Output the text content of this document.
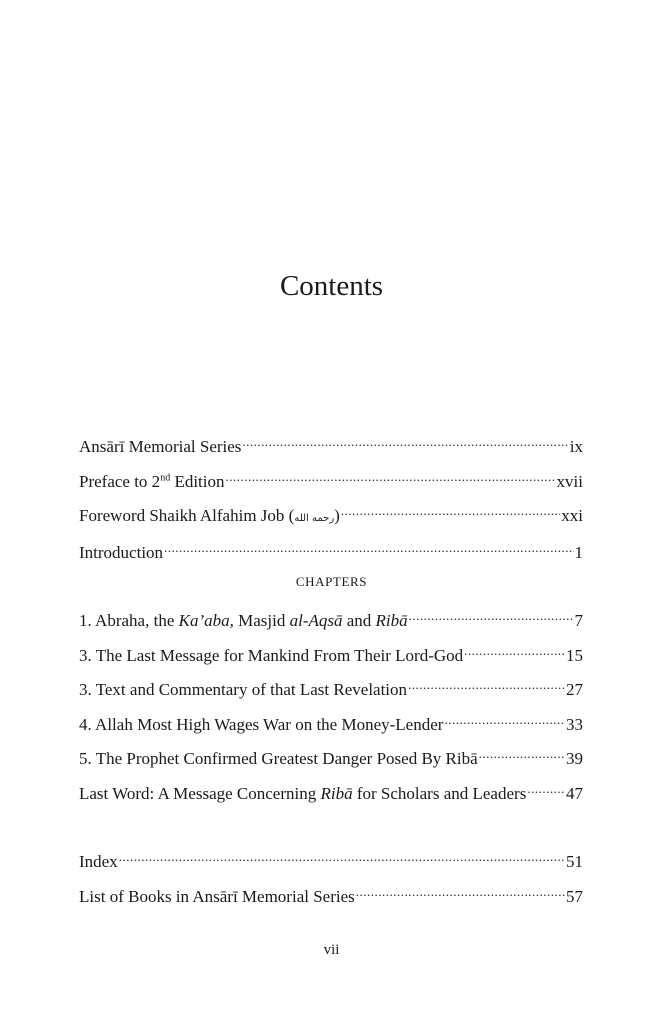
Contents
Ansārī Memorial Series .....	ix
Preface to 2nd Edition .....	xvii
Foreword Shaikh Alfahim Job (رحمه الله) .....	xxi
Introduction .....	1
1. Abraha, the Ka’aba, Masjid al-Aqsā and Ribā .....	7
3. The Last Message for Mankind From Their Lord-God .....	15
3. Text and Commentary of that Last Revelation .....	27
4. Allah Most High Wages War on the Money-Lender .....	33
5. The Prophet Confirmed Greatest Danger Posed By Ribā .....	39
Last Word: A Message Concerning Ribā for Scholars and Leaders ..... 47
Index .....	51
List of Books in Ansārī Memorial Series .....	57
CHAPTERS
vii
